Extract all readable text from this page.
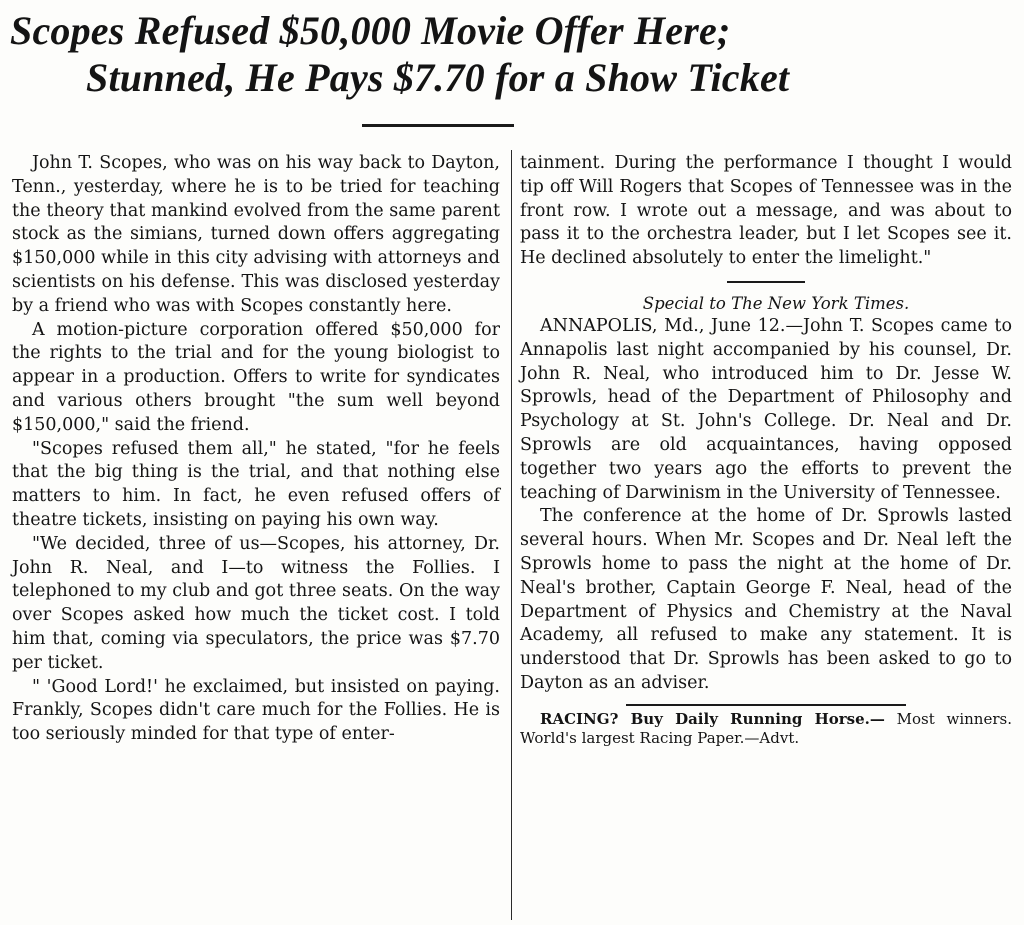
Scopes Refused $50,000 Movie Offer Here;
Stunned, He Pays $7.70 for a Show Ticket

John T. Scopes, who was on his way back to Dayton, Tenn., yesterday, where he is to be tried for teaching the theory that mankind evolved from the same parent stock as the simians, turned down offers aggregating $150,000 while in this city advising with attorneys and scientists on his defense. This was disclosed yesterday by a friend who was with Scopes constantly here.

A motion-picture corporation offered $50,000 for the rights to the trial and for the young biologist to appear in a production. Offers to write for syndicates and various others brought "the sum well beyond $150,000," said the friend.

"Scopes refused them all," he stated, "for he feels that the big thing is the trial, and that nothing else matters to him. In fact, he even refused offers of theatre tickets, insisting on paying his own way.

"We decided, three of us—Scopes, his attorney, Dr. John R. Neal, and I—to witness the Follies. I telephoned to my club and got three seats. On the way over Scopes asked how much the ticket cost. I told him that, coming via speculators, the price was $7.70 per ticket.

" 'Good Lord!' he exclaimed, but insisted on paying. Frankly, Scopes didn't care much for the Follies. He is too seriously minded for that type of enter-

tainment. During the performance I thought I would tip off Will Rogers that Scopes of Tennessee was in the front row. I wrote out a message, and was about to pass it to the orchestra leader, but I let Scopes see it. He declined absolutely to enter the limelight."

Special to The New York Times.

ANNAPOLIS, Md., June 12.—John T. Scopes came to Annapolis last night accompanied by his counsel, Dr. John R. Neal, who introduced him to Dr. Jesse W. Sprowls, head of the Department of Philosophy and Psychology at St. John's College. Dr. Neal and Dr. Sprowls are old acquaintances, having opposed together two years ago the efforts to prevent the teaching of Darwinism in the University of Tennessee.

The conference at the home of Dr. Sprowls lasted several hours. When Mr. Scopes and Dr. Neal left the Sprowls home to pass the night at the home of Dr. Neal's brother, Captain George F. Neal, head of the Department of Physics and Chemistry at the Naval Academy, all refused to make any statement. It is understood that Dr. Sprowls has been asked to go to Dayton as an adviser.

RACING? Buy Daily Running Horse.— Most winners. World's largest Racing Paper.—Advt.
